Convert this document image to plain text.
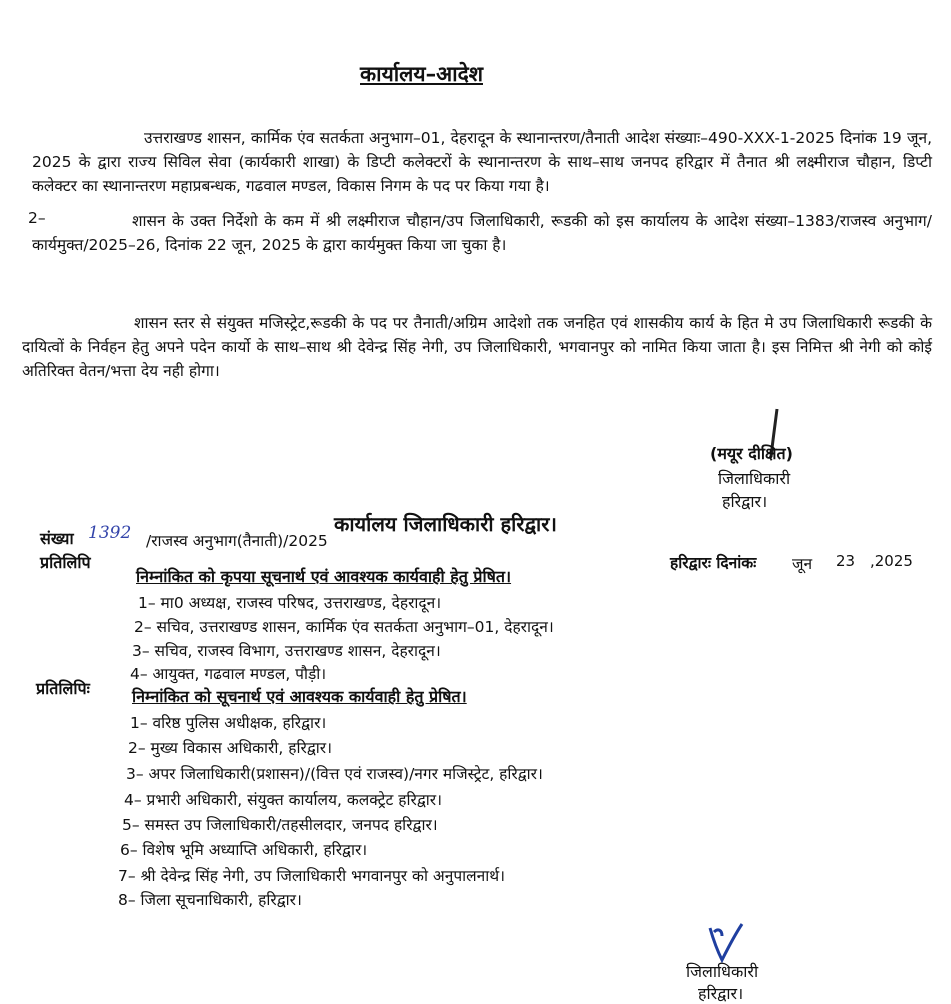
कार्यालय–आदेश
उत्तराखण्ड शासन, कार्मिक एंव सतर्कता अनुभाग–01, देहरादून के स्थानान्तरण/तैनाती आदेश संख्याः–490-XXX-1-2025 दिनांक 19 जून, 2025 के द्वारा राज्य सिविल सेवा (कार्यकारी शाखा) के डिप्टी कलेक्टरों के स्थानान्तरण के साथ–साथ जनपद हरिद्वार में तैनात श्री लक्ष्मीराज चौहान, डिप्टी कलेक्टर का स्थानान्तरण महाप्रबन्धक, गढवाल मण्डल, विकास निगम के पद पर किया गया है।
2–	शासन के उक्त निर्देशो के कम में श्री लक्ष्मीराज चौहान/उप जिलाधिकारी, रूडकी को इस कार्यालय के आदेश संख्या–1383/राजस्व अनुभाग/कार्यमुक्त/2025–26, दिनांक 22 जून, 2025 के द्वारा कार्यमुक्त किया जा चुका है।
शासन स्तर से संयुक्त मजिस्ट्रेट,रूडकी के पद पर तैनाती/अग्रिम आदेशो तक जनहित एवं शासकीय कार्य के हित मे उप जिलाधिकारी रूडकी के दायित्वों के निर्वहन हेतु अपने पदेन कार्यो के साथ–साथ श्री देवेन्द्र सिंह नेगी, उप जिलाधिकारी, भगवानपुर को नामित किया जाता है। इस निमित्त श्री नेगी को कोई अतिरिक्त वेतन/भत्ता देय नही होगा।
(मयूर दीक्षित)
जिलाधिकारी
हरिद्वार।
कार्यालय जिलाधिकारी हरिद्वार।
संख्या 1392 /राजस्व अनुभाग(तैनाती)/2025
हरिद्वारः दिनांकः जून 23 ,2025
प्रतिलिपि
निम्नांकित को कृपया सूचनार्थ एवं आवश्यक कार्यवाही हेतु प्रेषित।
1– मा0 अध्यक्ष, राजस्व परिषद, उत्तराखण्ड, देहरादून।
2– सचिव, उत्तराखण्ड शासन, कार्मिक एंव सतर्कता अनुभाग–01, देहरादून।
3– सचिव, राजस्व विभाग, उत्तराखण्ड शासन, देहरादून।
4– आयुक्त, गढवाल मण्डल, पौड़ी।
प्रतिलिपिः	निम्नांकित को सूचनार्थ एवं आवश्यक कार्यवाही हेतु प्रेषित।
1– वरिष्ठ पुलिस अधीक्षक, हरिद्वार।
2– मुख्य विकास अधिकारी, हरिद्वार।
3– अपर जिलाधिकारी(प्रशासन)/(वित्त एवं राजस्व)/नगर मजिस्ट्रेट, हरिद्वार।
4– प्रभारी अधिकारी, संयुक्त कार्यालय, कलक्ट्रेट हरिद्वार।
5– समस्त उप जिलाधिकारी/तहसीलदार, जनपद हरिद्वार।
6– विशेष भूमि अध्याप्ति अधिकारी, हरिद्वार।
7– श्री देवेन्द्र सिंह नेगी, उप जिलाधिकारी भगवानपुर को अनुपालनार्थ।
8– जिला सूचनाधिकारी, हरिद्वार।
जिलाधिकारी
हरिद्वार।
